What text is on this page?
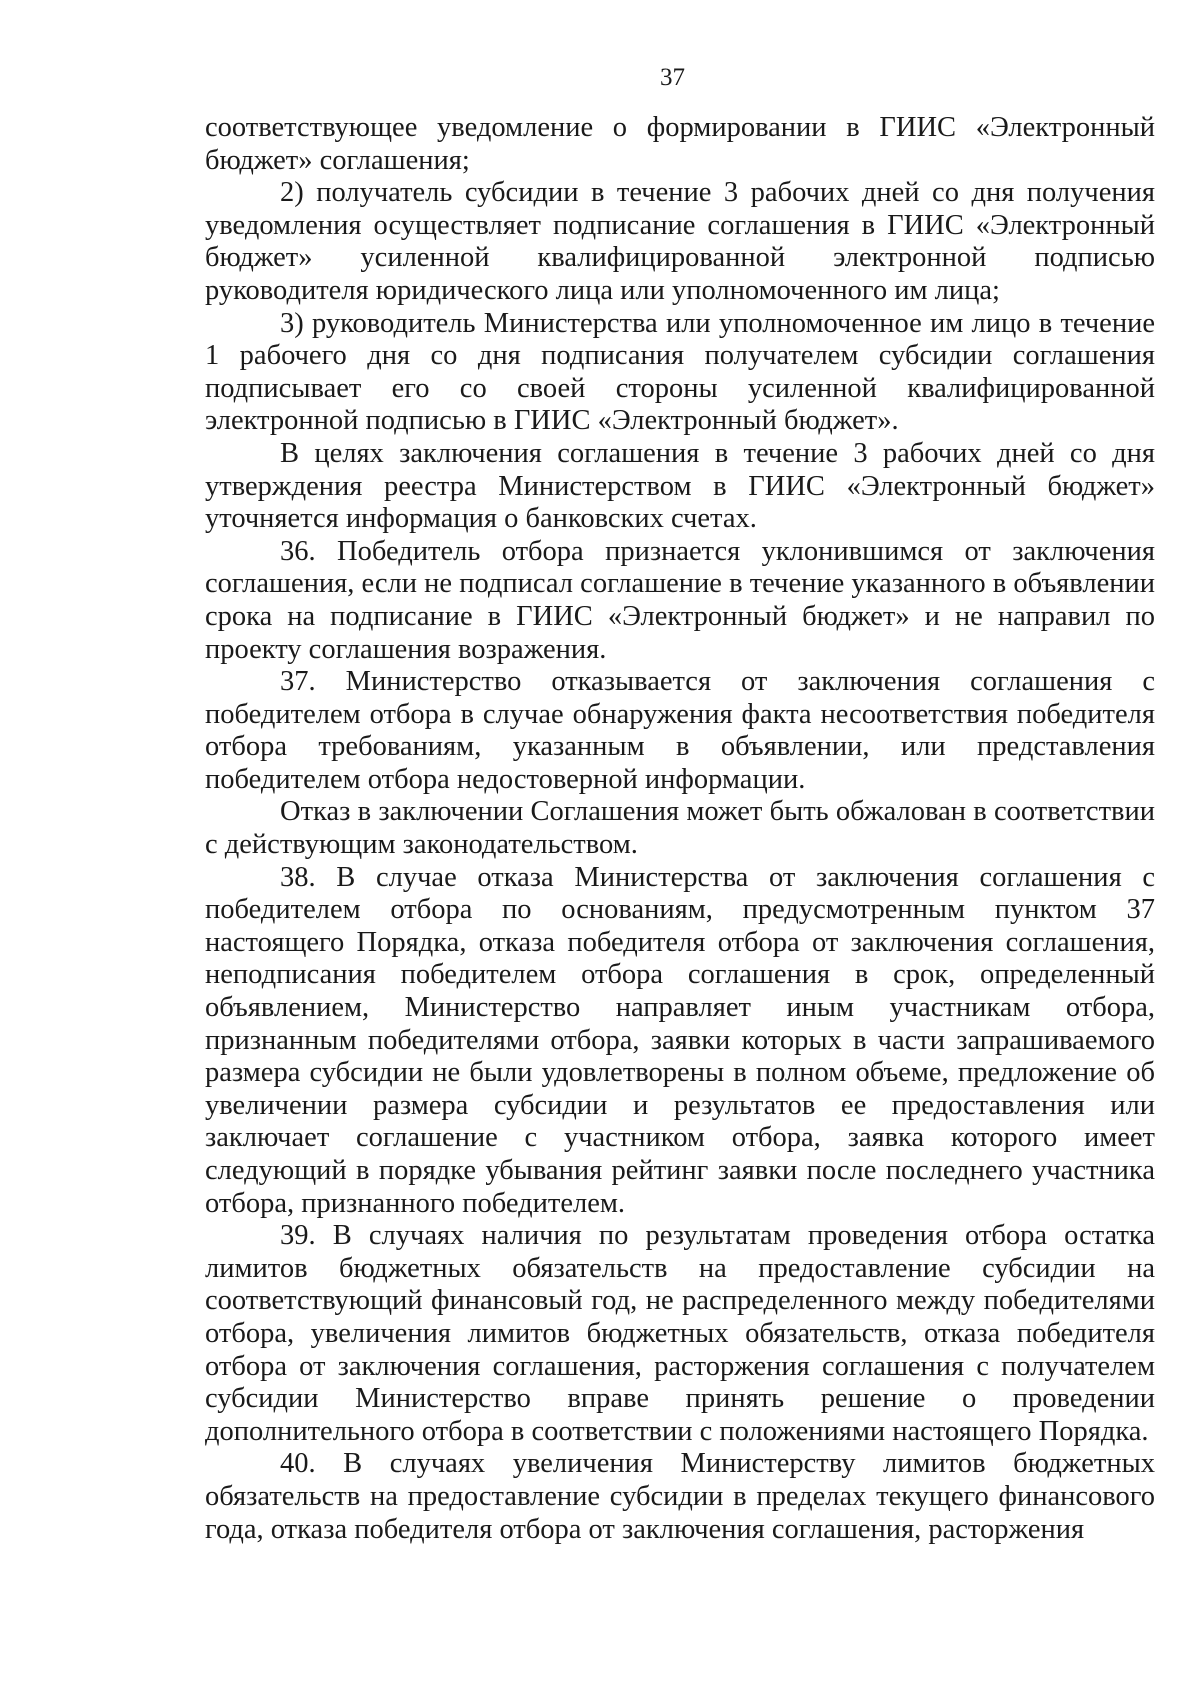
37

соответствующее уведомление о формировании в ГИИС «Электронный бюджет» соглашения;

2) получатель субсидии в течение 3 рабочих дней со дня получения уведомления осуществляет подписание соглашения в ГИИС «Электронный бюджет» усиленной квалифицированной электронной подписью руководителя юридического лица или уполномоченного им лица;

3) руководитель Министерства или уполномоченное им лицо в течение 1 рабочего дня со дня подписания получателем субсидии соглашения подписывает его со своей стороны усиленной квалифицированной электронной подписью в ГИИС «Электронный бюджет».

В целях заключения соглашения в течение 3 рабочих дней со дня утверждения реестра Министерством в ГИИС «Электронный бюджет» уточняется информация о банковских счетах.

36. Победитель отбора признается уклонившимся от заключения соглашения, если не подписал соглашение в течение указанного в объявлении срока на подписание в ГИИС «Электронный бюджет» и не направил по проекту соглашения возражения.

37. Министерство отказывается от заключения соглашения с победителем отбора в случае обнаружения факта несоответствия победителя отбора требованиям, указанным в объявлении, или представления победителем отбора недостоверной информации.

Отказ в заключении Соглашения может быть обжалован в соответствии с действующим законодательством.

38. В случае отказа Министерства от заключения соглашения с победителем отбора по основаниям, предусмотренным пунктом 37 настоящего Порядка, отказа победителя отбора от заключения соглашения, неподписания победителем отбора соглашения в срок, определенный объявлением, Министерство направляет иным участникам отбора, признанным победителями отбора, заявки которых в части запрашиваемого размера субсидии не были удовлетворены в полном объеме, предложение об увеличении размера субсидии и результатов ее предоставления или заключает соглашение с участником отбора, заявка которого имеет следующий в порядке убывания рейтинг заявки после последнего участника отбора, признанного победителем.

39. В случаях наличия по результатам проведения отбора остатка лимитов бюджетных обязательств на предоставление субсидии на соответствующий финансовый год, не распределенного между победителями отбора, увеличения лимитов бюджетных обязательств, отказа победителя отбора от заключения соглашения, расторжения соглашения с получателем субсидии Министерство вправе принять решение о проведении дополнительного отбора в соответствии с положениями настоящего Порядка.

40. В случаях увеличения Министерству лимитов бюджетных обязательств на предоставление субсидии в пределах текущего финансового года, отказа победителя отбора от заключения соглашения, расторжения
